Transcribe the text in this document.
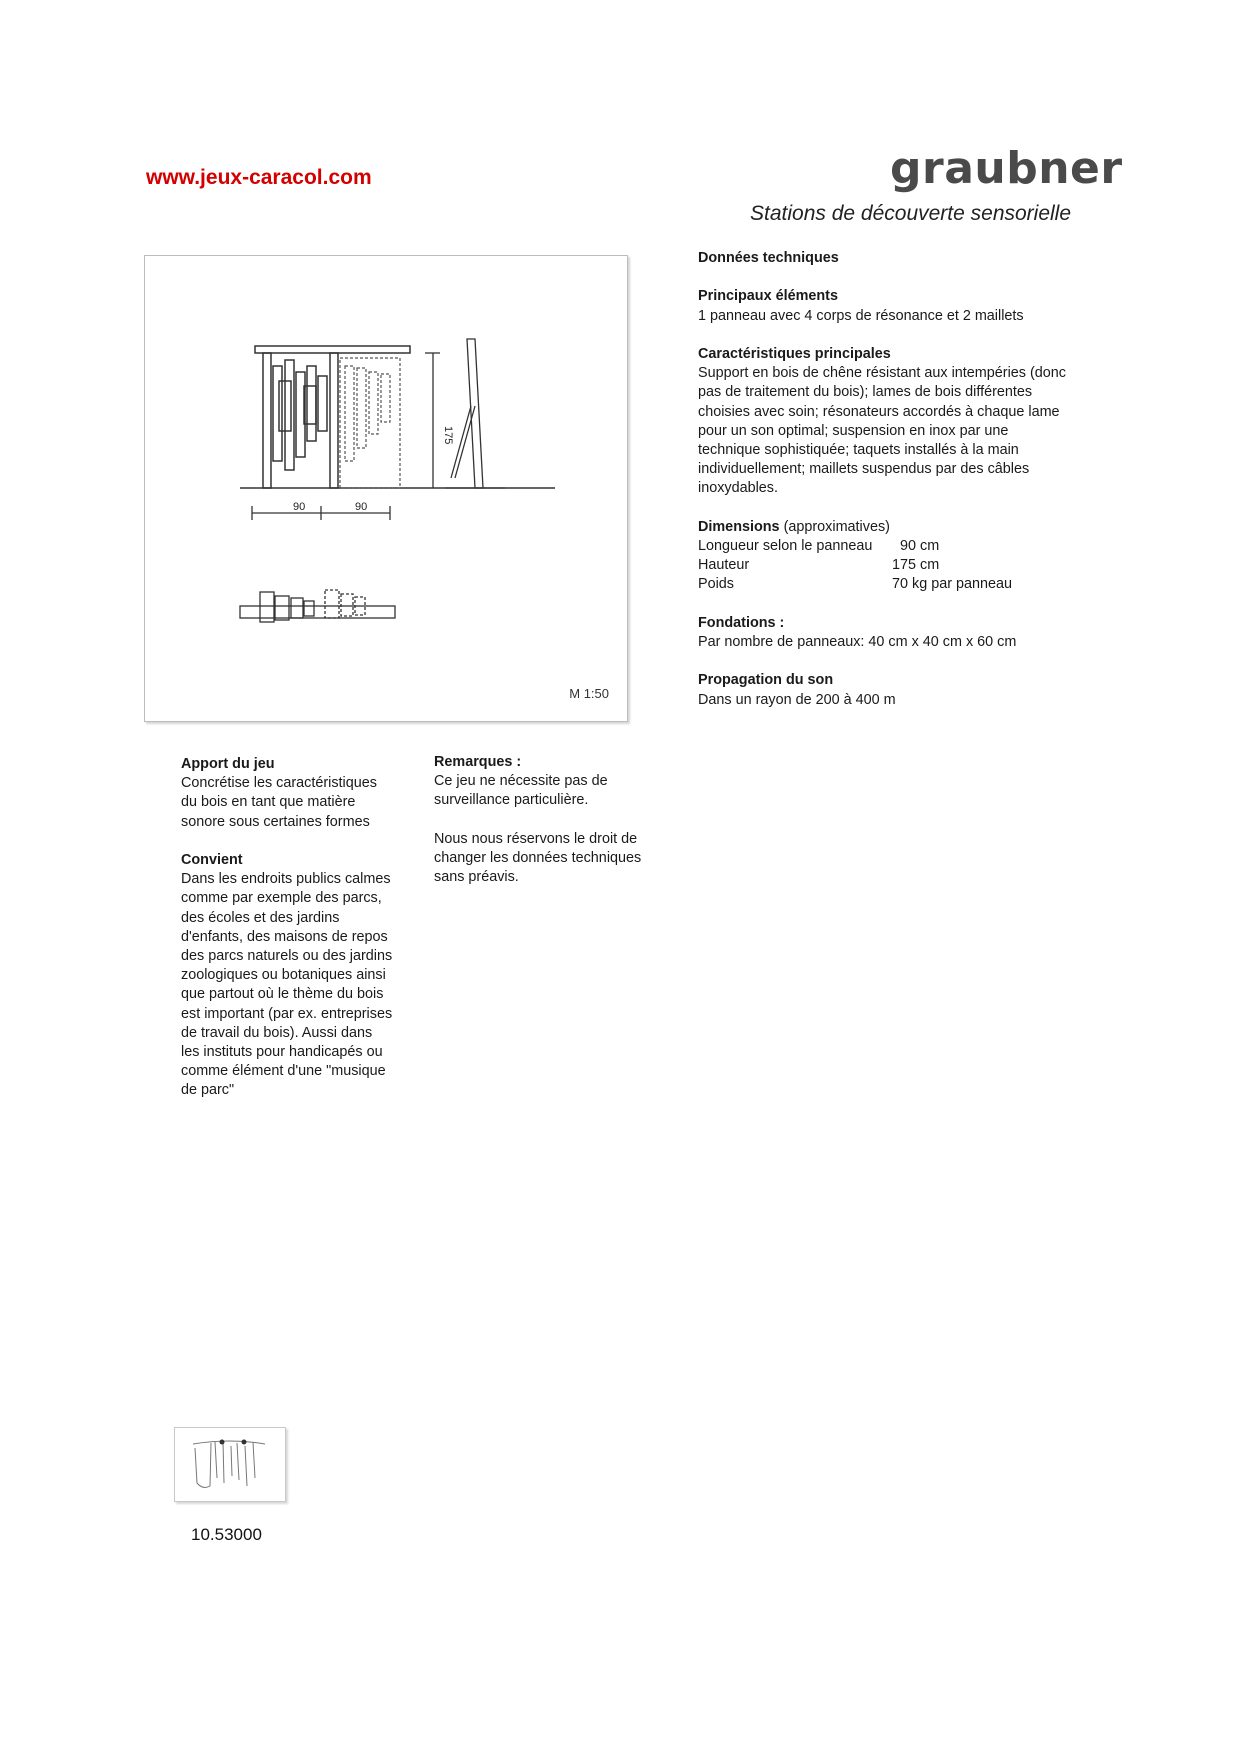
www.jeux-caracol.com	graubner
Stations de découverte sensorielle
90	90
175
M 1:50
Données techniques
Principaux éléments

1 panneau avec 4 corps de résonance et 2 maillets

Caractéristiques principales

Support en bois de chêne résistant aux intempéries (donc

pas de traitement du bois); lames de bois différentes

choisies avec soin; résonateurs accordés à chaque lame

pour un son optimal; suspension en inox par une

technique sophistiquée; taquets installés à la main

individuellement; maillets suspendus par des câbles

inoxydables.

Dimensions (approximatives)

Longueur selon le panneau	90 cm
Hauteur	175 cm
Poids	70 kg par panneau
Fondations :

Par nombre de panneaux: 40 cm x 40 cm x 60 cm

Propagation du son

Dans un rayon de 200 à 400 m

Apport du jeu

Concrétise les caractéristiques

du bois en tant que matière

sonore sous certaines formes

Convient

Dans les endroits publics calmes

comme par exemple des parcs,

des écoles et des jardins

d'enfants, des maisons de repos

des parcs naturels ou des jardins

zoologiques ou botaniques ainsi

que partout où le thème du bois

est important (par ex. entreprises

de travail du bois). Aussi dans

les instituts pour handicapés ou

comme élément d'une "musique

de parc"

Remarques :

Ce jeu ne nécessite pas de

surveillance particulière.

Nous nous réservons le droit de

changer les données techniques

sans préavis.

10.53000
